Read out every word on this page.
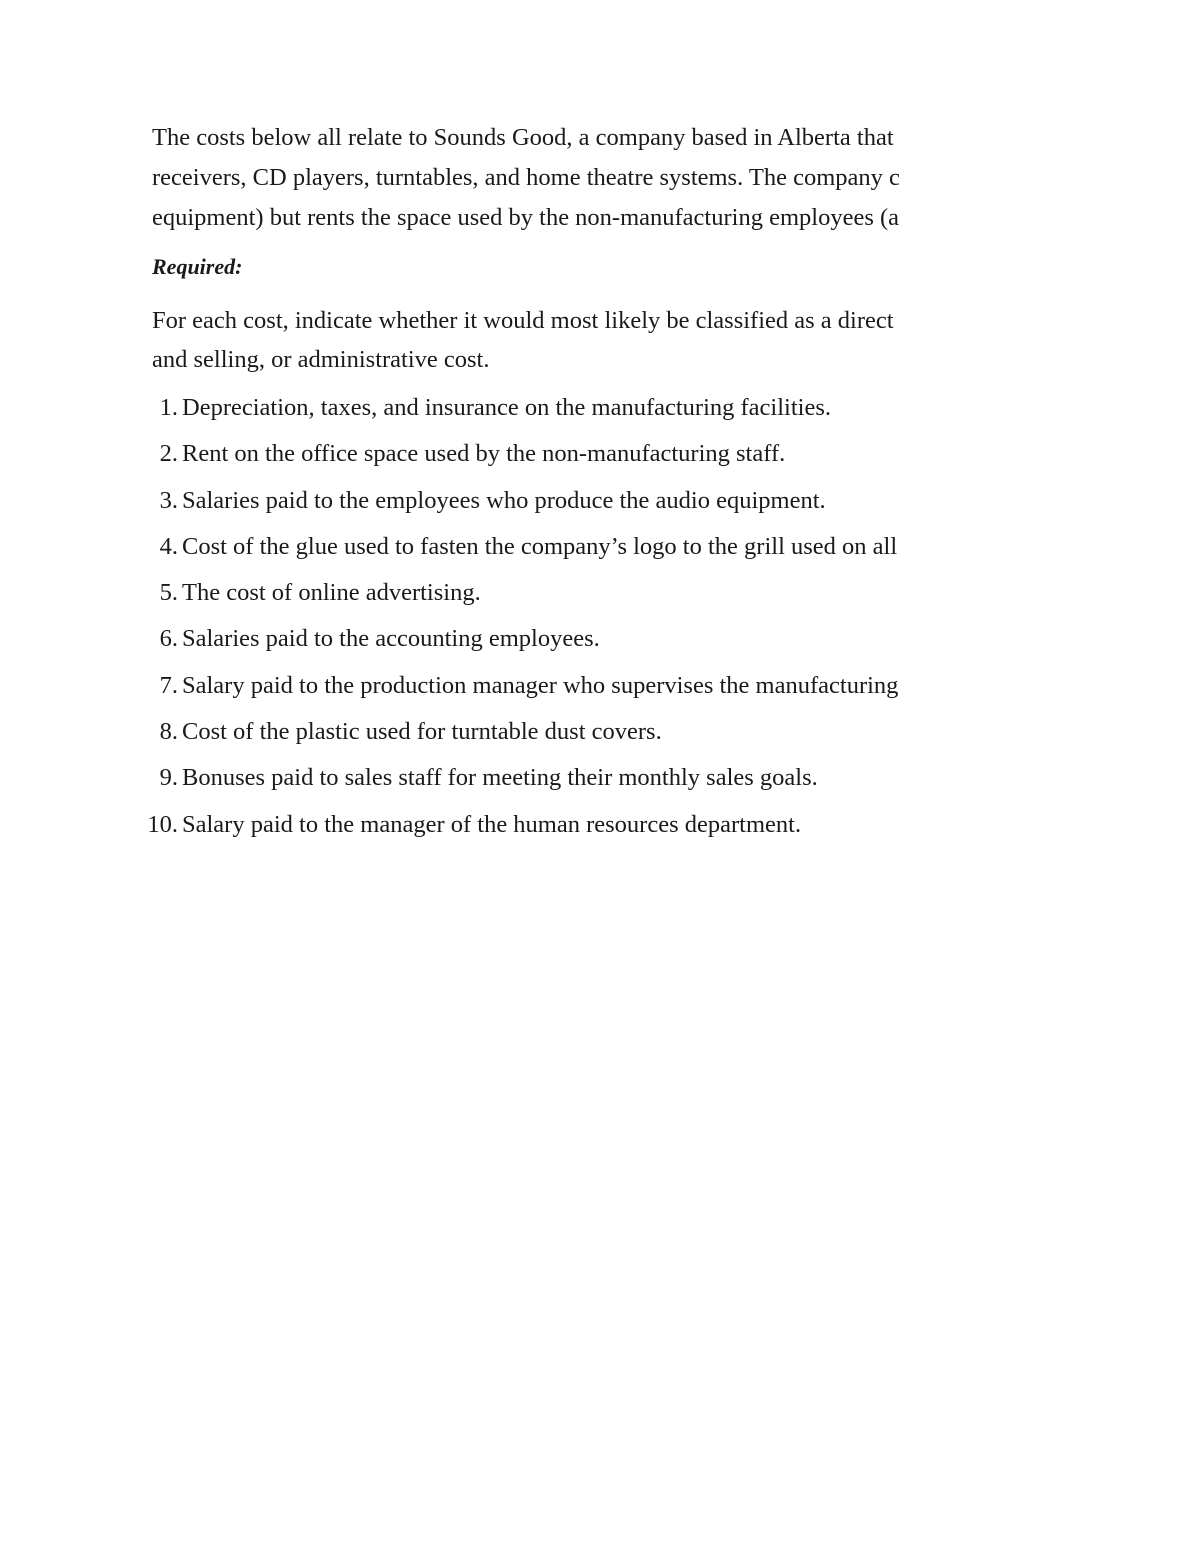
The costs below all relate to Sounds Good, a company based in Alberta that
receivers, CD players, turntables, and home theatre systems. The company c
equipment) but rents the space used by the non-manufacturing employees (a
Required:
For each cost, indicate whether it would most likely be classified as a direct
and selling, or administrative cost.
1. Depreciation, taxes, and insurance on the manufacturing facilities.
2. Rent on the office space used by the non-manufacturing staff.
3. Salaries paid to the employees who produce the audio equipment.
4. Cost of the glue used to fasten the company’s logo to the grill used on all
5. The cost of online advertising.
6. Salaries paid to the accounting employees.
7. Salary paid to the production manager who supervises the manufacturing
8. Cost of the plastic used for turntable dust covers.
9. Bonuses paid to sales staff for meeting their monthly sales goals.
10. Salary paid to the manager of the human resources department.
